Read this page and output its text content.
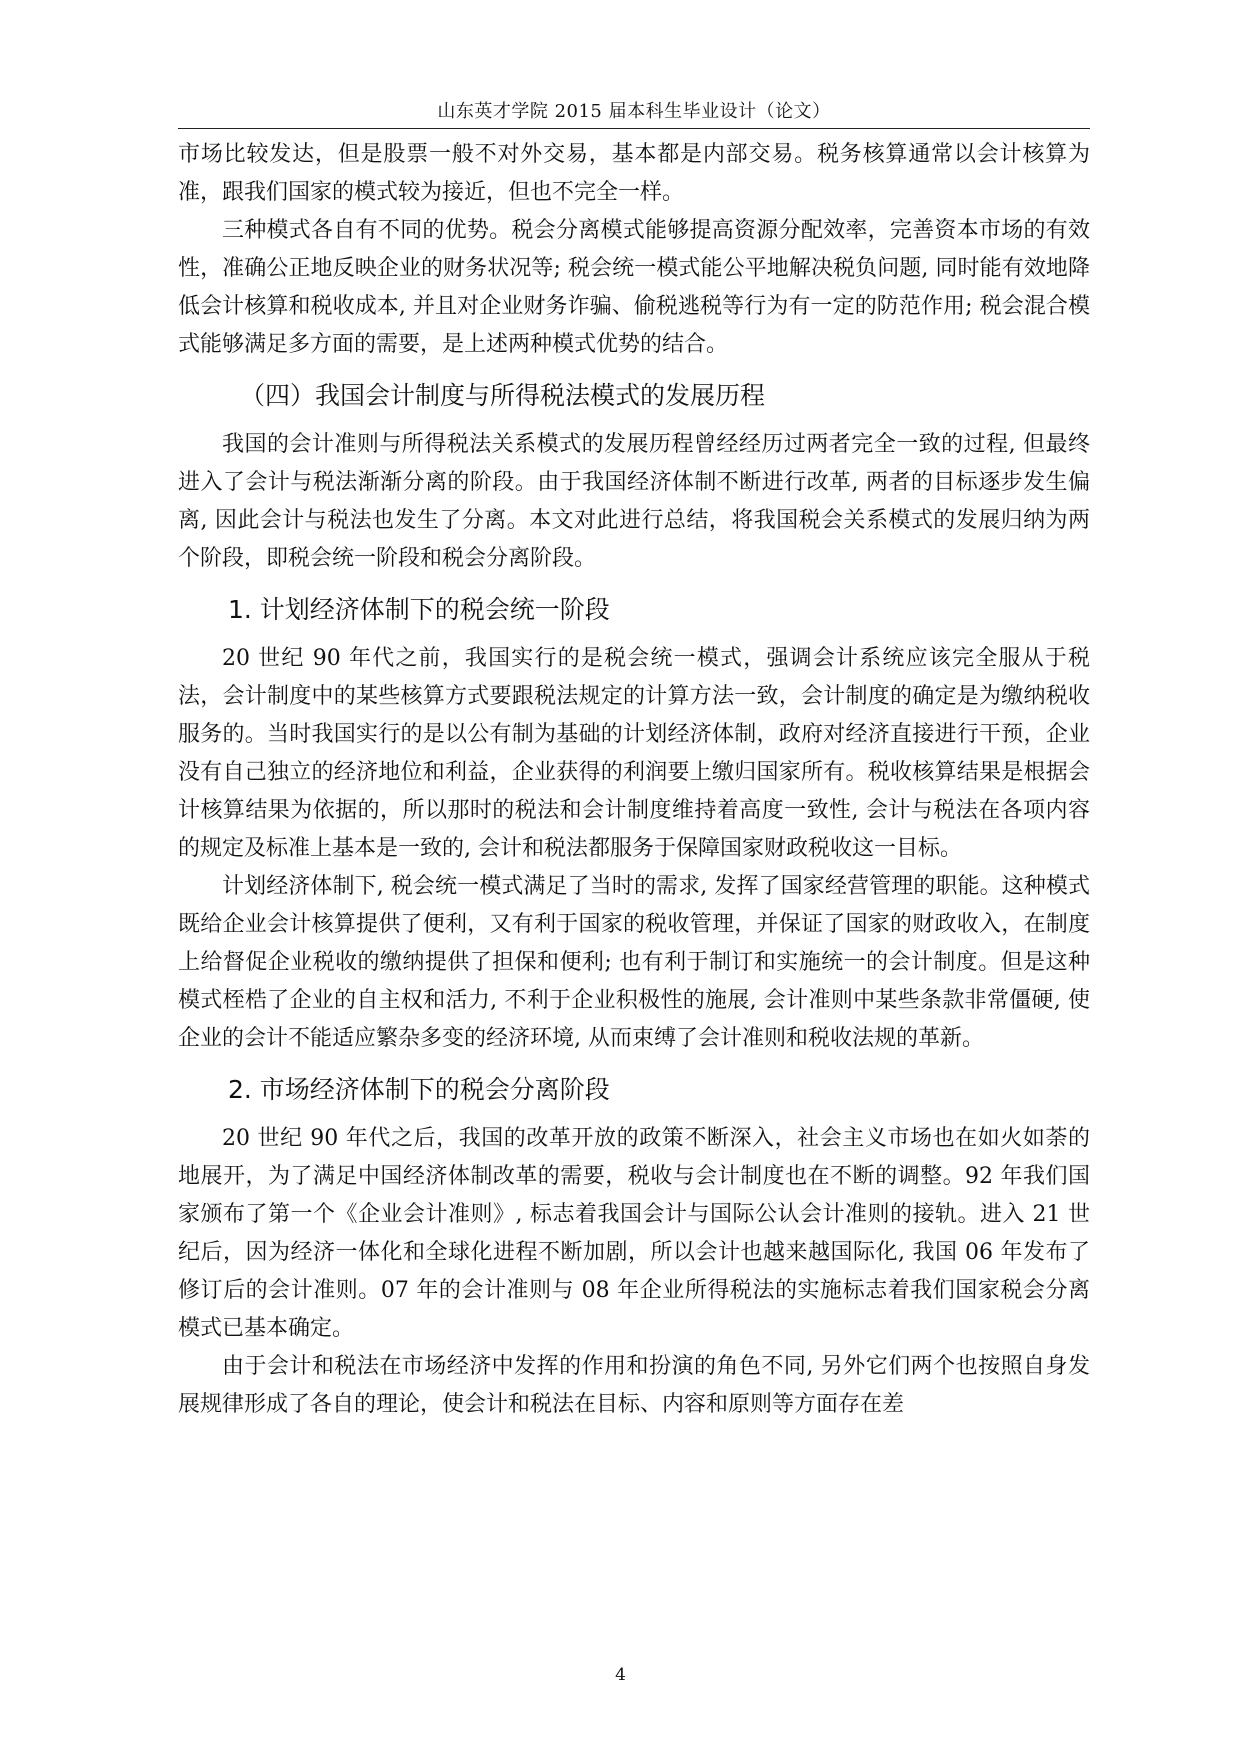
山东英才学院 2015 届本科生毕业设计（论文）

市场比较发达，但是股票一般不对外交易，基本都是内部交易。税务核算通常以会计核算为准，跟我们国家的模式较为接近，但也不完全一样。

三种模式各自有不同的优势。税会分离模式能够提高资源分配效率，完善资本市场的有效性，准确公正地反映企业的财务状况等; 税会统一模式能公平地解决税负问题, 同时能有效地降低会计核算和税收成本, 并且对企业财务诈骗、偷税逃税等行为有一定的防范作用; 税会混合模式能够满足多方面的需要，是上述两种模式优势的结合。

（四）我国会计制度与所得税法模式的发展历程

我国的会计准则与所得税法关系模式的发展历程曾经经历过两者完全一致的过程, 但最终进入了会计与税法渐渐分离的阶段。由于我国经济体制不断进行改革, 两者的目标逐步发生偏离, 因此会计与税法也发生了分离。本文对此进行总结，将我国税会关系模式的发展归纳为两个阶段，即税会统一阶段和税会分离阶段。

1. 计划经济体制下的税会统一阶段

20 世纪 90 年代之前，我国实行的是税会统一模式，强调会计系统应该完全服从于税法，会计制度中的某些核算方式要跟税法规定的计算方法一致，会计制度的确定是为缴纳税收服务的。当时我国实行的是以公有制为基础的计划经济体制，政府对经济直接进行干预，企业没有自己独立的经济地位和利益，企业获得的利润要上缴归国家所有。税收核算结果是根据会计核算结果为依据的，所以那时的税法和会计制度维持着高度一致性, 会计与税法在各项内容的规定及标准上基本是一致的, 会计和税法都服务于保障国家财政税收这一目标。

计划经济体制下, 税会统一模式满足了当时的需求, 发挥了国家经营管理的职能。这种模式既给企业会计核算提供了便利，又有利于国家的税收管理，并保证了国家的财政收入，在制度上给督促企业税收的缴纳提供了担保和便利; 也有利于制订和实施统一的会计制度。但是这种模式桎梏了企业的自主权和活力, 不利于企业积极性的施展, 会计准则中某些条款非常僵硬, 使企业的会计不能适应繁杂多变的经济环境, 从而束缚了会计准则和税收法规的革新。

2. 市场经济体制下的税会分离阶段

20 世纪 90 年代之后，我国的改革开放的政策不断深入，社会主义市场也在如火如荼的地展开，为了满足中国经济体制改革的需要，税收与会计制度也在不断的调整。92 年我们国家颁布了第一个《企业会计准则》, 标志着我国会计与国际公认会计准则的接轨。进入 21 世纪后，因为经济一体化和全球化进程不断加剧，所以会计也越来越国际化, 我国 06 年发布了修订后的会计准则。07 年的会计准则与 08 年企业所得税法的实施标志着我们国家税会分离模式已基本确定。

由于会计和税法在市场经济中发挥的作用和扮演的角色不同, 另外它们两个也按照自身发展规律形成了各自的理论，使会计和税法在目标、内容和原则等方面存在差

4
